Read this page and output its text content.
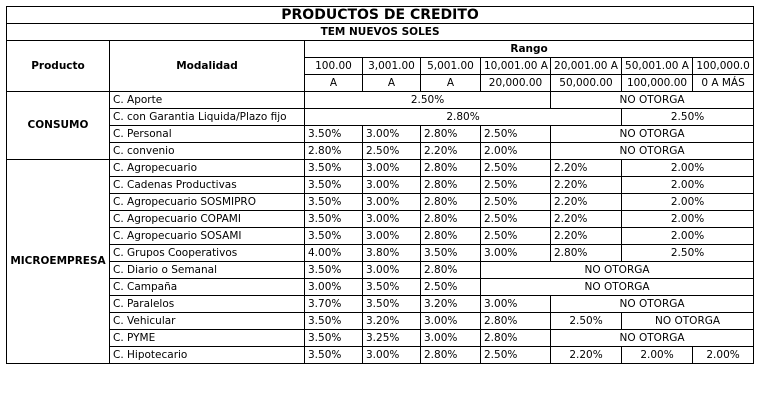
PRODUCTOS DE CREDITO								
TEM NUEVOS SOLES								
Producto	Modalidad	Rango						
		100.00	3,001.00	5,001.00	10,001.00 A	20,001.00 A	50,001.00 A	100,000.0
		A	A	A	20,000.00	50,000.00	100,000.00	0 A MÁS
CONSUMO	C. Aporte	2.50%				NO OTORGA		
	C. con Garantia Liquida/Plazo fijo	2.80%					2.50%	
	C. Personal	3.50%	3.00%	2.80%	2.50%	NO OTORGA		
	C. convenio	2.80%	2.50%	2.20%	2.00%	NO OTORGA		
MICROEMPRESA	C. Agropecuario	3.50%	3.00%	2.80%	2.50%	2.20%	2.00%	
	C. Cadenas Productivas	3.50%	3.00%	2.80%	2.50%	2.20%	2.00%	
	C. Agropecuario SOSMIPRO	3.50%	3.00%	2.80%	2.50%	2.20%	2.00%	
	C. Agropecuario COPAMI	3.50%	3.00%	2.80%	2.50%	2.20%	2.00%	
	C. Agropecuario SOSAMI	3.50%	3.00%	2.80%	2.50%	2.20%	2.00%	
	C. Grupos Cooperativos	4.00%	3.80%	3.50%	3.00%	2.80%	2.50%	
	C. Diario o Semanal	3.50%	3.00%	2.80%	NO OTORGA			
	C. Campaña	3.00%	3.50%	2.50%	NO OTORGA			
	C. Paralelos	3.70%	3.50%	3.20%	3.00%	NO OTORGA		
	C. Vehicular	3.50%	3.20%	3.00%	2.80%	2.50%	NO OTORGA	
	C. PYME	3.50%	3.25%	3.00%	2.80%	NO OTORGA		
	C. Hipotecario	3.50%	3.00%	2.80%	2.50%	2.20%	2.00%	2.00%
